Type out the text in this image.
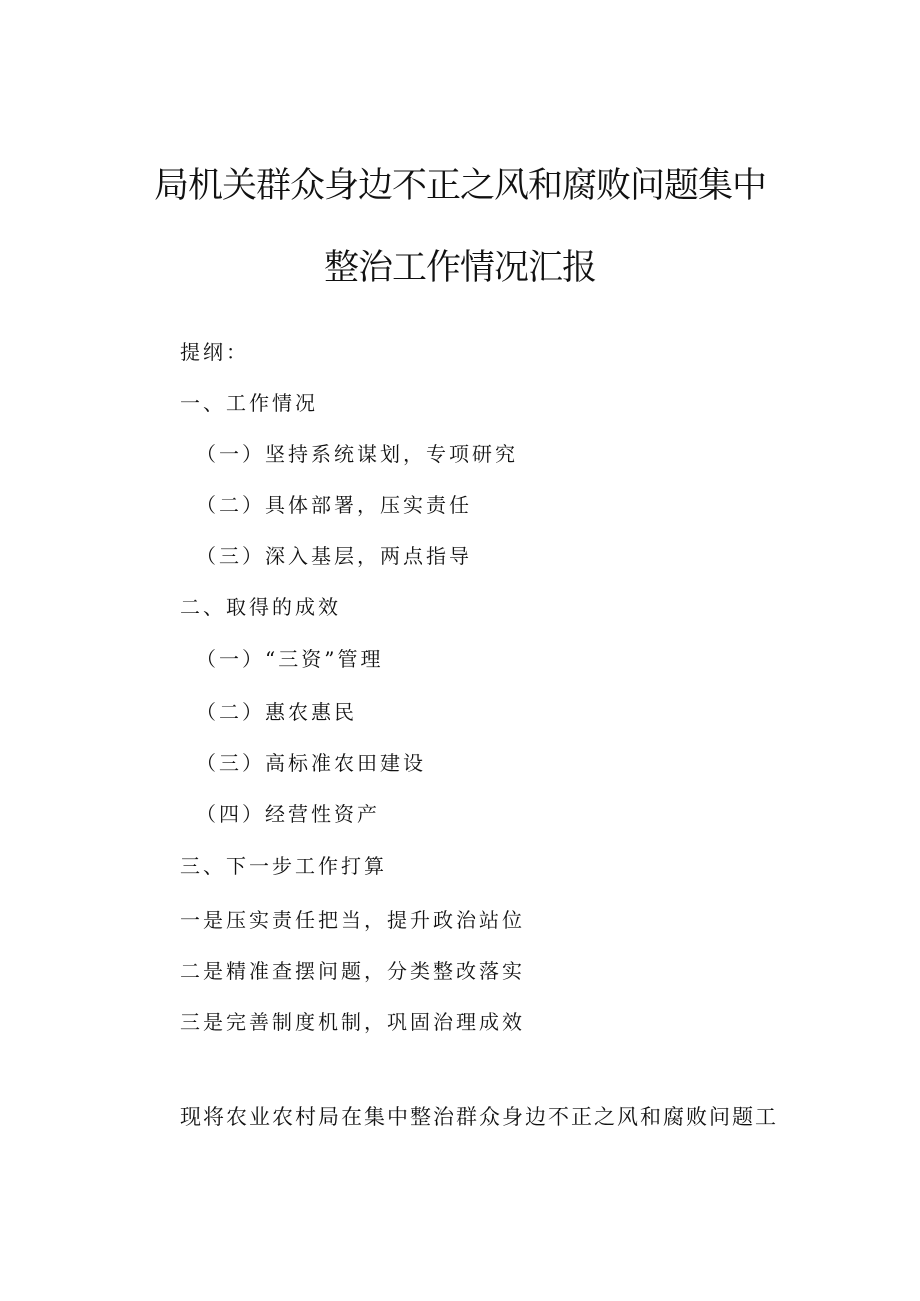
局机关群众身边不正之风和腐败问题集中
整治工作情况汇报
提纲：
一、工作情况
（一）坚持系统谋划，专项研究
（二）具体部署，压实责任
（三）深入基层，两点指导
二、取得的成效
（一）“三资”管理
（二）惠农惠民
（三）高标准农田建设
（四）经营性资产
三、下一步工作打算
一是压实责任把当，提升政治站位
二是精准查摆问题，分类整改落实
三是完善制度机制，巩固治理成效
现将农业农村局在集中整治群众身边不正之风和腐败问题工
